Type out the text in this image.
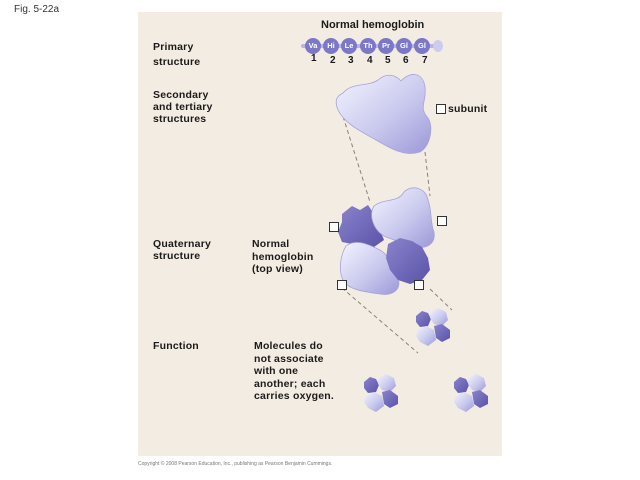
Fig. 5-22a
Normal hemoglobin
Primary
structure
Secondary
and tertiary
structures
Quaternary
structure
Function
Va	Hi	Le	Th	Pr	Gl	Gl
1 2 3 4 5 6 7
subunit
Normal
hemoglobin
(top view)
Molecules do
not associate
with one
another; each
carries oxygen.
Copyright © 2008 Pearson Education, Inc., publishing as Pearson Benjamin Cummings.
